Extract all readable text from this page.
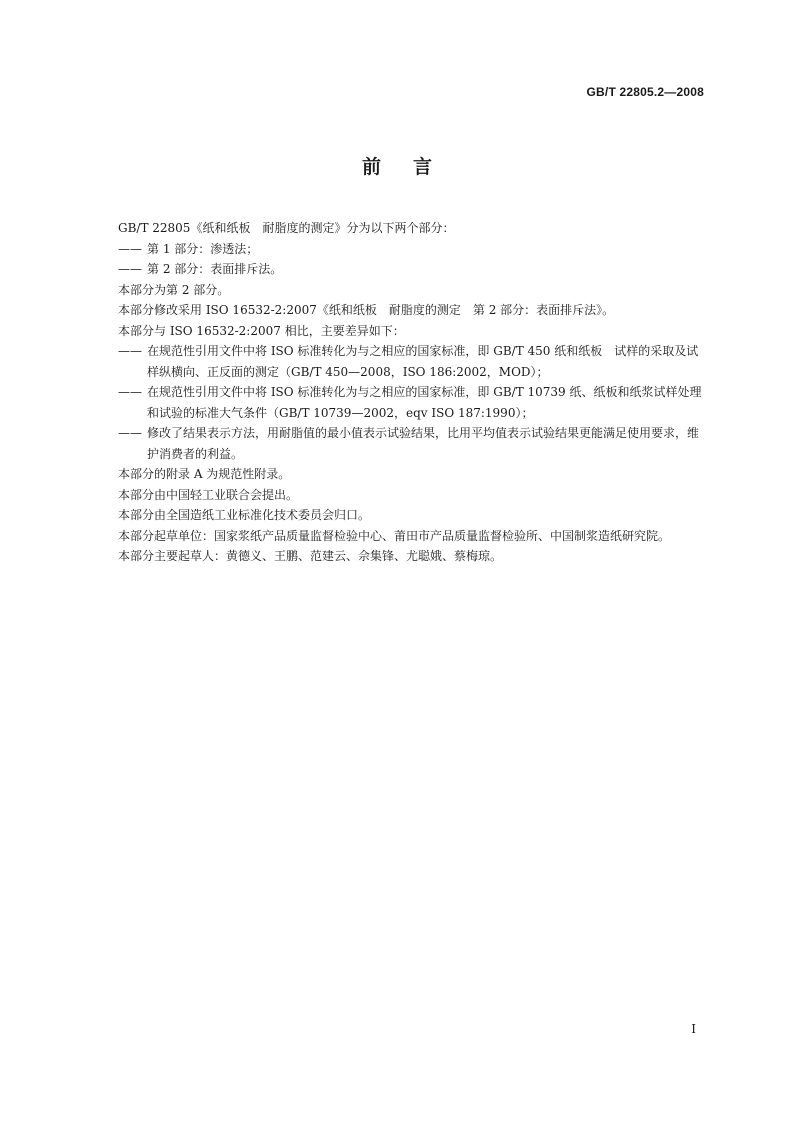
GB/T 22805.2—2008
前言

GB/T 22805《纸和纸板　耐脂度的测定》分为以下两个部分：

—— 第 1 部分：渗透法；

—— 第 2 部分：表面排斥法。

本部分为第 2 部分。

本部分修改采用 ISO 16532-2:2007《纸和纸板　耐脂度的测定　第 2 部分：表面排斥法》。

本部分与 ISO 16532-2:2007 相比，主要差异如下：

—— 在规范性引用文件中将 ISO 标准转化为与之相应的国家标准，即 GB/T 450 纸和纸板　试样的采取及试样纵横向、正反面的测定（GB/T 450—2008，ISO 186:2002，MOD）；

—— 在规范性引用文件中将 ISO 标准转化为与之相应的国家标准，即 GB/T 10739 纸、纸板和纸浆试样处理和试验的标准大气条件（GB/T 10739—2002，eqv ISO 187:1990）；

—— 修改了结果表示方法，用耐脂值的最小值表示试验结果，比用平均值表示试验结果更能满足使用要求，维护消费者的利益。

本部分的附录 A 为规范性附录。

本部分由中国轻工业联合会提出。

本部分由全国造纸工业标准化技术委员会归口。

本部分起草单位：国家浆纸产品质量监督检验中心、莆田市产品质量监督检验所、中国制浆造纸研究院。

本部分主要起草人：黄德义、王鹏、范建云、佘集锋、尤聪娥、蔡梅琼。

I
